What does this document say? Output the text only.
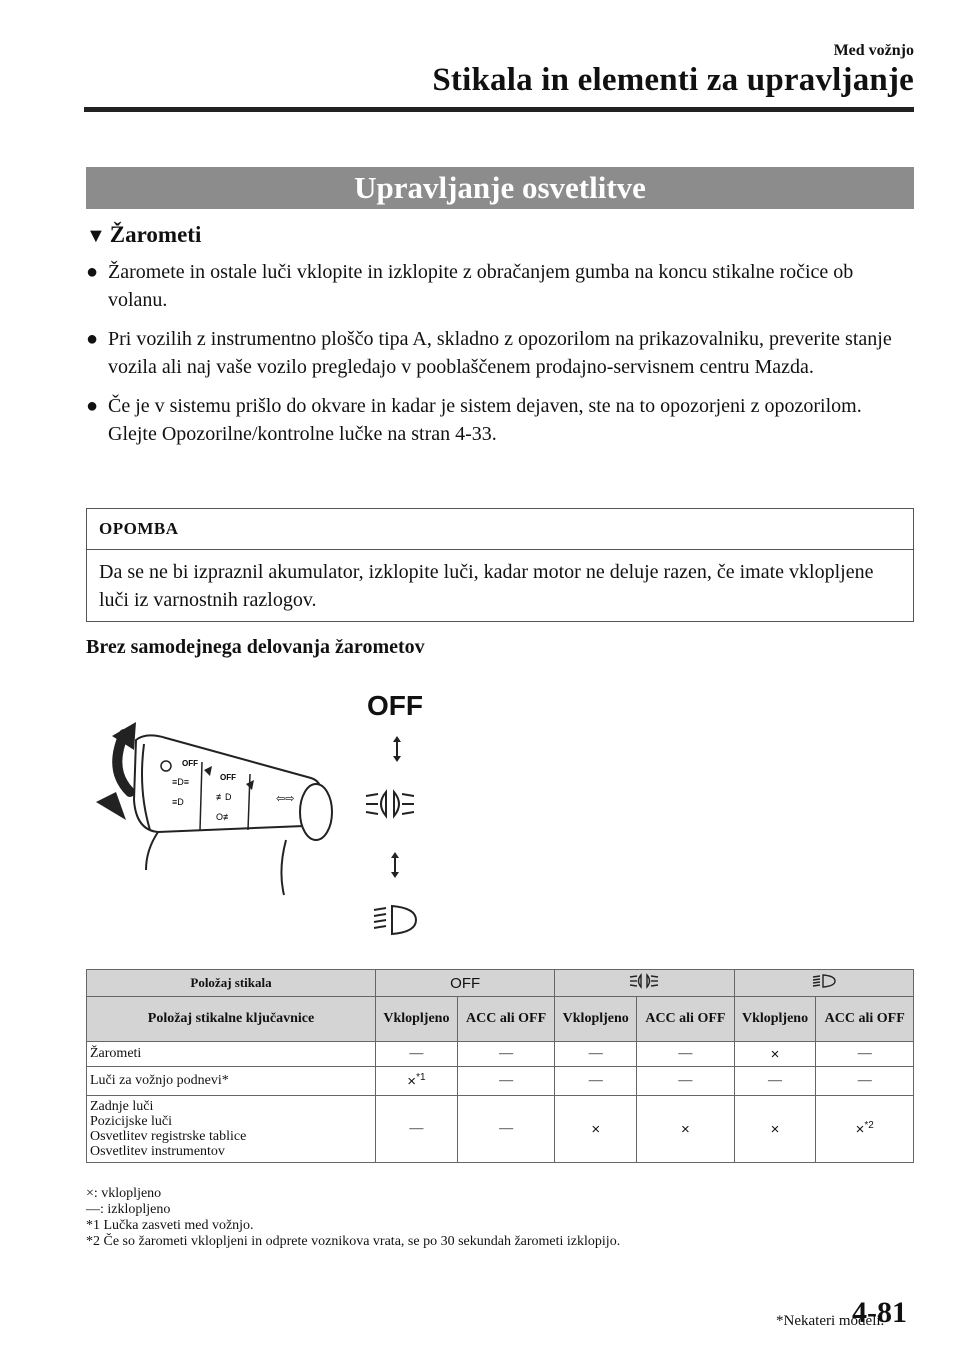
Med vožnjo
Stikala in elementi za upravljanje
Upravljanje osvetlitve
▼ Žarometi
● Žaromete in ostale luči vklopite in izklopite z obračanjem gumba na koncu stikalne ročice ob volanu.
● Pri vozilih z instrumentno ploščo tipa A, skladno z opozorilom na prikazovalniku, preverite stanje vozila ali naj vaše vozilo pregledajo v pooblaščenem prodajno-servisnem centru Mazda.
● Če je v sistemu prišlo do okvare in kadar je sistem dejaven, ste na to opozorjeni z opozorilom.
Glejte Opozorilne/kontrolne lučke na stran 4-33.
OPOMBA
Da se ne bi izpraznil akumulator, izklopite luči, kadar motor ne deluje razen, če imate vklopljene luči iz varnostnih razlogov.
Brez samodejnega delovanja žarometov
OFF
≡D≡
≡D
OFF
≢D
O≢
⇦⇨
OFF
Položaj stikala	OFF		
Položaj stikalne ključavnice	Vklopljeno	ACC ali OFF	Vklopljeno	ACC ali OFF	Vklopljeno	ACC ali OFF
Žarometi	—	—	—	—	×	—
Luči za vožnjo podnevi*	×$^{*1}$	—	—	—	—	—

Zadnje luči
Pozicijske luči
Osvetlitev registrske tablice
Osvetlitev instrumentov	—	—	×	×	×	×$^{*2}$
×: vklopljeno
—: izklopljeno
*1 Lučka zasveti med vožnjo.
*2 Če so žarometi vklopljeni in odprete voznikova vrata, se po 30 sekundah žarometi izklopijo.
*Nekateri modeli.
4-81
